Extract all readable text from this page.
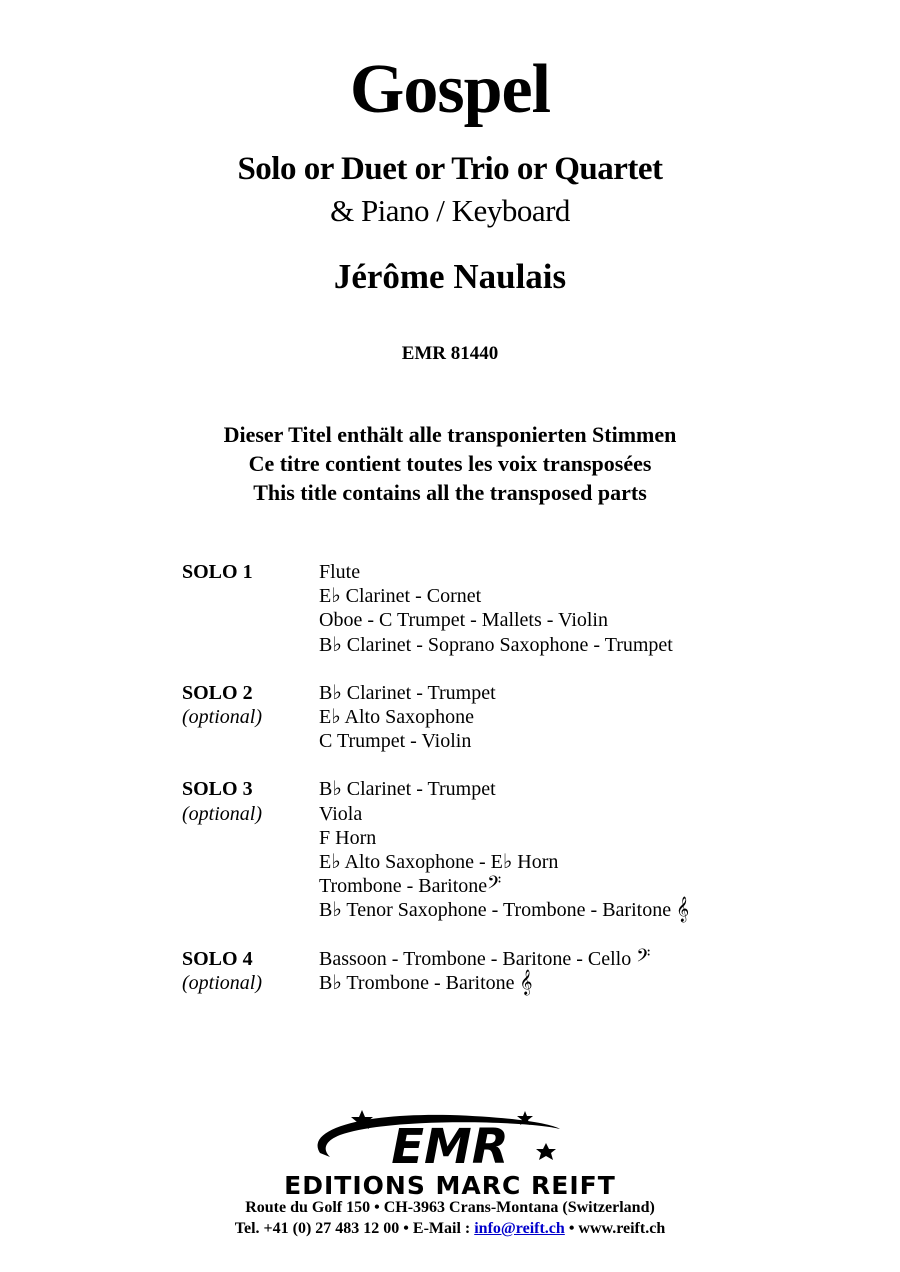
Gospel
Solo or Duet or Trio or Quartet
& Piano / Keyboard
Jérôme Naulais
EMR 81440
Dieser Titel enthält alle transponierten Stimmen
Ce titre contient toutes les voix transposées
This title contains all the transposed parts
SOLO 1	Flute
E♭ Clarinet - Cornet
Oboe - C Trumpet - Mallets - Violin
B♭ Clarinet - Soprano Saxophone - Trumpet
SOLO 2
(optional)
B♭ Clarinet - Trumpet
E♭ Alto Saxophone
C Trumpet - Violin
SOLO 3
(optional)
B♭ Clarinet - Trumpet
Viola
F Horn
E♭ Alto Saxophone - E♭ Horn
Trombone - Baritone𝄢
B♭ Tenor Saxophone - Trombone - Baritone 𝄞
SOLO 4
(optional)
Bassoon - Trombone - Baritone - Cello 𝄢
B♭ Trombone - Baritone 𝄞
EMR
EDITIONS MARC REIFT
Route du Golf 150 • CH-3963 Crans-Montana (Switzerland)
Tel. +41 (0) 27 483 12 00 • E-Mail : info@reift.ch • www.reift.ch
